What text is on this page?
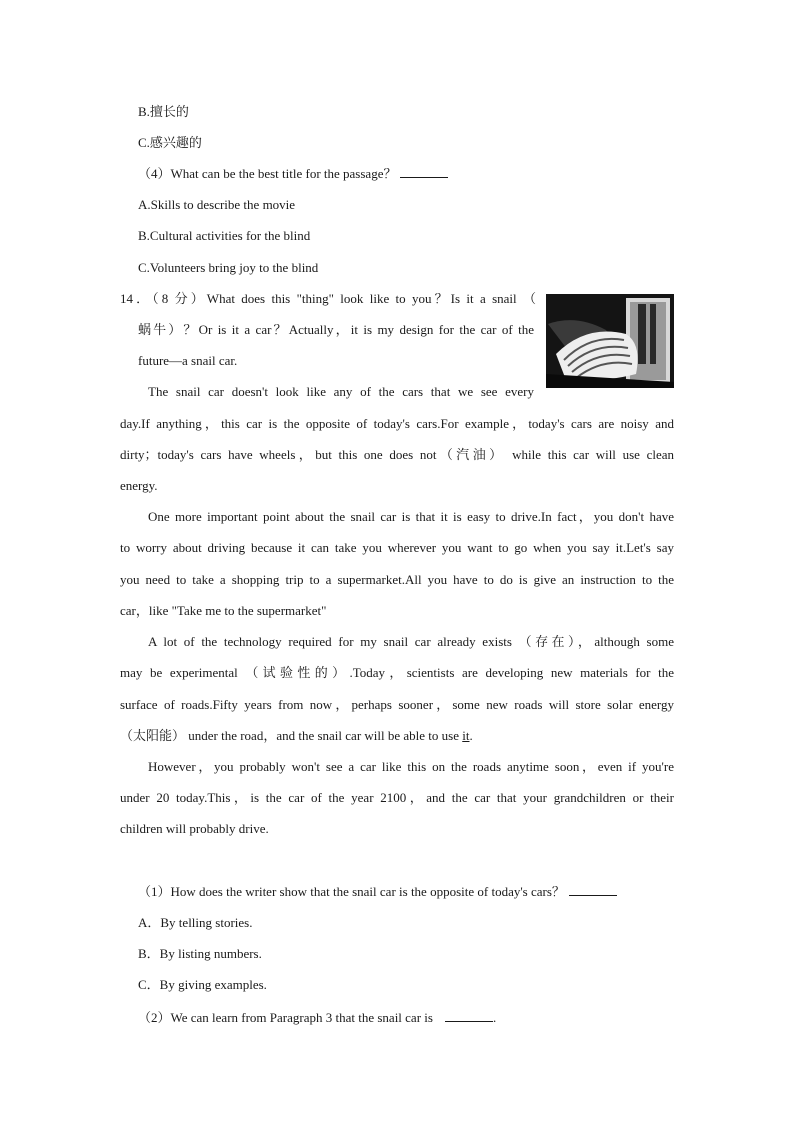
B.擅长的
C.感兴趣的
（4）What can be the best title for the passage？
A.Skills to describe the movie
B.Cultural activities for the blind
C.Volunteers bring joy to the blind
14．（8 分）What does this "thing" look like to you？Is it a snail （
蜗牛）？Or is it a car？Actually，it is my design for the car of the
future—a snail car.
The snail car doesn't look like any of the cars that we see every
day.If anything，this car is the opposite of today's cars.For example，today's cars are noisy and
dirty；today's cars have wheels，but this one does not（汽油） while this car will use clean
energy.
One more important point about the snail car is that it is easy to drive.In fact，you don't have
to worry about driving because it can take you wherever you want to go when you say it.Let's say
you need to take a shopping trip to a supermarket.All you have to do is give an instruction to the
car，like "Take me to the supermarket"
A lot of the technology required for my snail car already exists （存在），although some
may be experimental （试验性的）.Today，scientists are developing new materials for the
surface of roads.Fifty years from now，perhaps sooner，some new roads will store solar energy
（太阳能） under the road，and the snail car will be able to use it.
However，you probably won't see a car like this on the roads anytime soon，even if you're
under 20 today.This，is the car of the year 2100，and the car that your grandchildren or their
children will probably drive.
（1）How does the writer show that the snail car is the opposite of today's cars？
A．By telling stories.
B．By listing numbers.
C．By giving examples.
（2）We can learn from Paragraph 3 that the snail car is	.
